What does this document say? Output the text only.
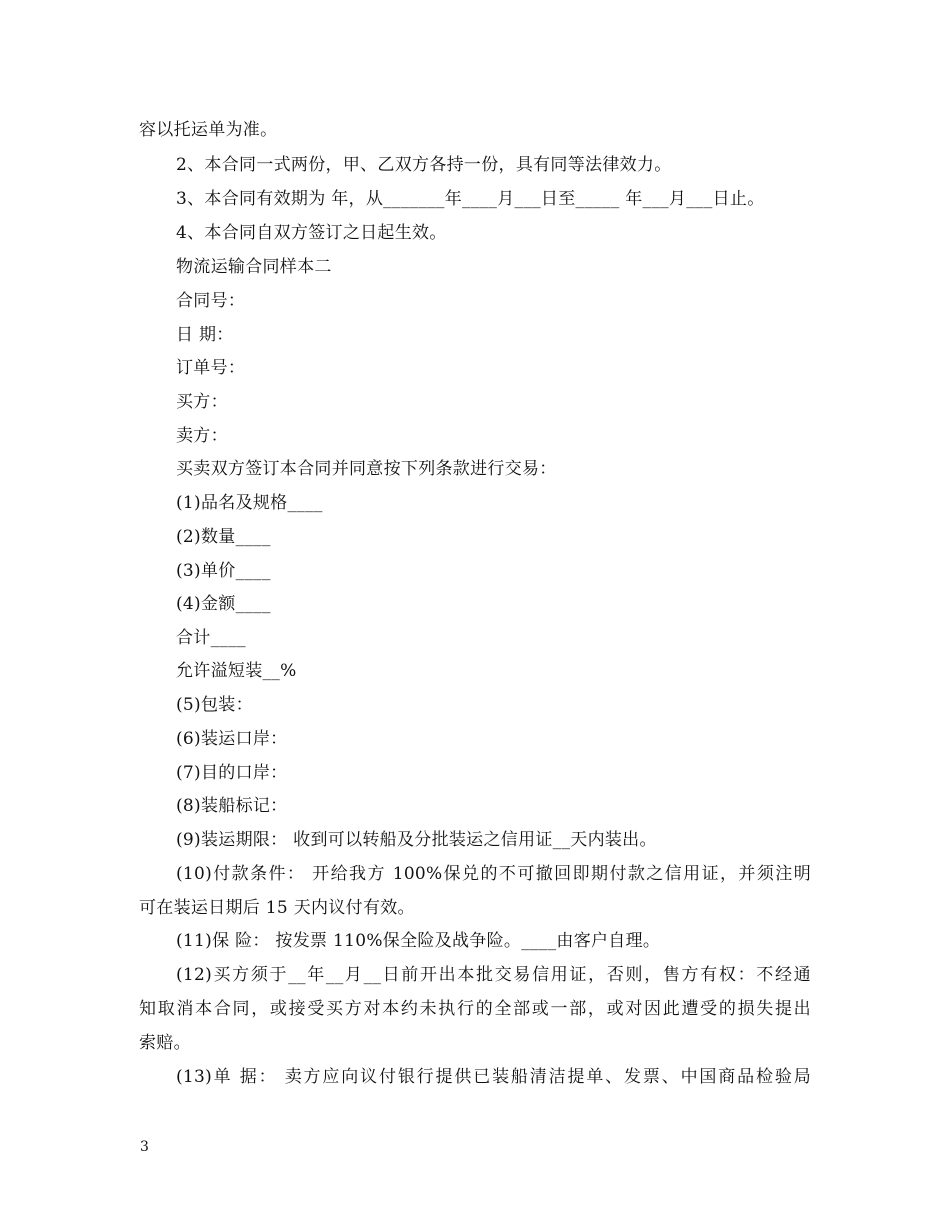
容以托运单为准。
2、本合同一式两份，甲、乙双方各持一份，具有同等法律效力。
3、本合同有效期为 年，从_______年____月___日至_____ 年___月___日止。
4、本合同自双方签订之日起生效。
物流运输合同样本二
合同号：
日 期：
订单号：
买方：
卖方：
买卖双方签订本合同并同意按下列条款进行交易：
(1)品名及规格____
(2)数量____
(3)单价____
(4)金额____
合计____
允许溢短装__%
(5)包装：
(6)装运口岸：
(7)目的口岸：
(8)装船标记：
(9)装运期限： 收到可以转船及分批装运之信用证__天内装出。
(10)付款条件： 开给我方 100%保兑的不可撤回即期付款之信用证，并须注明
可在装运日期后 15 天内议付有效。
(11)保 险： 按发票 110%保全险及战争险。____由客户自理。
(12)买方须于__年__月__日前开出本批交易信用证，否则，售方有权：不经通
知取消本合同，或接受买方对本约未执行的全部或一部，或对因此遭受的损失提出
索赔。
(13)单 据： 卖方应向议付银行提供已装船清洁提单、发票、中国商品检验局
3
